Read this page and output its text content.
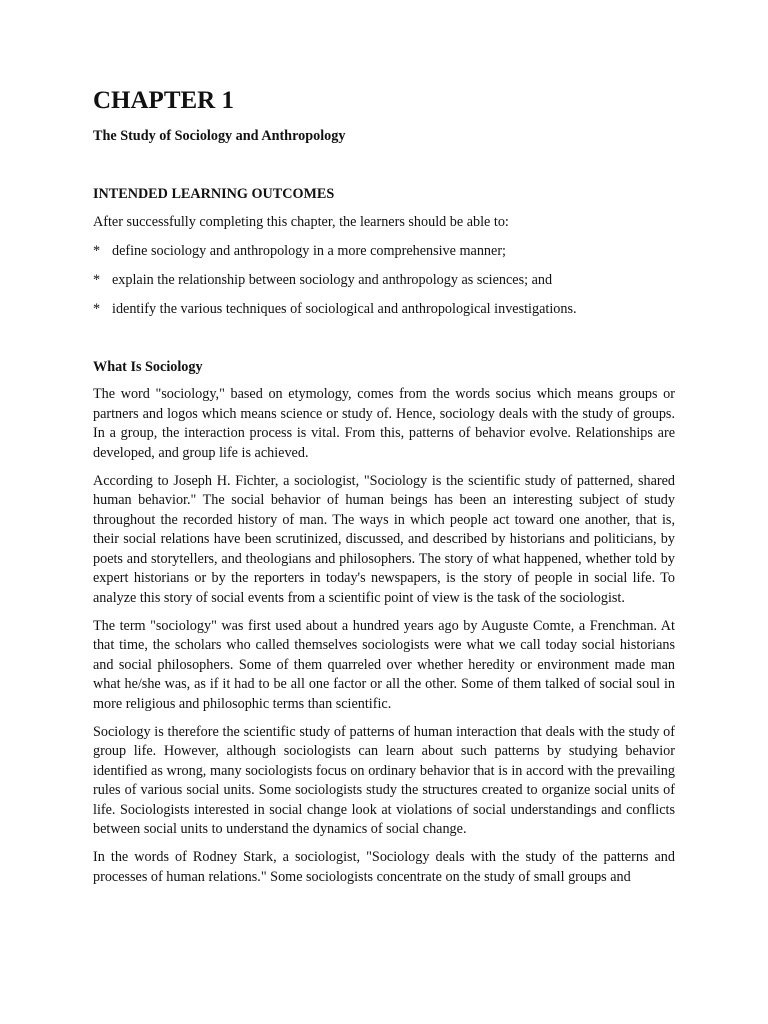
CHAPTER 1
The Study of Sociology and Anthropology
INTENDED LEARNING OUTCOMES
After successfully completing this chapter, the learners should be able to:
* define sociology and anthropology in a more comprehensive manner;
* explain the relationship between sociology and anthropology as sciences; and
* identify the various techniques of sociological and anthropological investigations.
What Is Sociology

The word "sociology," based on etymology, comes from the words socius which means groups or partners and logos which means science or study of. Hence, sociology deals with the study of groups. In a group, the interaction process is vital. From this, patterns of behavior evolve. Relationships are developed, and group life is achieved.

According to Joseph H. Fichter, a sociologist, "Sociology is the scientific study of patterned, shared human behavior." The social behavior of human beings has been an interesting subject of study throughout the recorded history of man. The ways in which people act toward one another, that is, their social relations have been scrutinized, discussed, and described by historians and politicians, by poets and storytellers, and theologians and philosophers. The story of what happened, whether told by expert historians or by the reporters in today's newspapers, is the story of people in social life. To analyze this story of social events from a scientific point of view is the task of the sociologist.

The term "sociology" was first used about a hundred years ago by Auguste Comte, a Frenchman. At that time, the scholars who called themselves sociologists were what we call today social historians and social philosophers. Some of them quarreled over whether heredity or environment made man what he/she was, as if it had to be all one factor or all the other. Some of them talked of social soul in more religious and philosophic terms than scientific.

Sociology is therefore the scientific study of patterns of human interaction that deals with the study of group life. However, although sociologists can learn about such patterns by studying behavior identified as wrong, many sociologists focus on ordinary behavior that is in accord with the prevailing rules of various social units. Some sociologists study the structures created to organize social units of life. Sociologists interested in social change look at violations of social understandings and conflicts between social units to understand the dynamics of social change.

In the words of Rodney Stark, a sociologist, "Sociology deals with the study of the patterns and processes of human relations." Some sociologists concentrate on the study of small groups and
